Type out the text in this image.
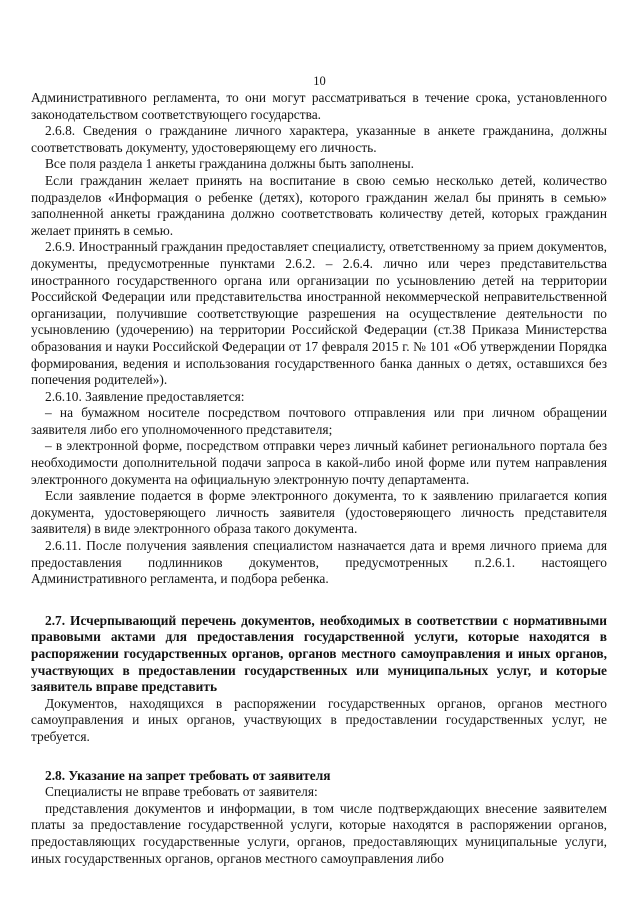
10

Административного регламента, то они могут рассматриваться в течение срока, установленного законодательством соответствующего государства.

2.6.8. Сведения о гражданине личного характера, указанные в анкете гражданина, должны соответствовать документу, удостоверяющему его личность.

Все поля раздела 1 анкеты гражданина должны быть заполнены.

Если гражданин желает принять на воспитание в свою семью несколько детей, количество подразделов «Информация о ребенке (детях), которого гражданин желал бы принять в семью» заполненной анкеты гражданина должно соответствовать количеству детей, которых гражданин желает принять в семью.

2.6.9. Иностранный гражданин предоставляет специалисту, ответственному за прием документов, документы, предусмотренные пунктами 2.6.2. – 2.6.4. лично или через представительства иностранного государственного органа или организации по усыновлению детей на территории Российской Федерации или представительства иностранной некоммерческой неправительственной организации, получившие соответствующие разрешения на осуществление деятельности по усыновлению (удочерению) на территории Российской Федерации (ст.38 Приказа Министерства образования и науки Российской Федерации от 17 февраля 2015 г. № 101 «Об утверждении Порядка формирования, ведения и использования государственного банка данных о детях, оставшихся без попечения родителей»).

2.6.10. Заявление предоставляется:

– на бумажном носителе посредством почтового отправления или при личном обращении заявителя либо его уполномоченного представителя;

– в электронной форме, посредством отправки через личный кабинет регионального портала без необходимости дополнительной подачи запроса в какой-либо иной форме или путем направления электронного документа на официальную электронную почту департамента.

Если заявление подается в форме электронного документа, то к заявлению прилагается копия документа, удостоверяющего личность заявителя (удостоверяющего личность представителя заявителя) в виде электронного образа такого документа.

2.6.11. После получения заявления специалистом назначается дата и время личного приема для предоставления подлинников документов, предусмотренных п.2.6.1. настоящего Административного регламента, и подбора ребенка.

2.7. Исчерпывающий перечень документов, необходимых в соответствии с нормативными правовыми актами для предоставления государственной услуги, которые находятся в распоряжении государственных органов, органов местного самоуправления и иных органов, участвующих в предоставлении государственных или муниципальных услуг, и которые заявитель вправе представить

Документов, находящихся в распоряжении государственных органов, органов местного самоуправления и иных органов, участвующих в предоставлении государственных услуг, не требуется.

2.8. Указание на запрет требовать от заявителя

Специалисты не вправе требовать от заявителя:

представления документов и информации, в том числе подтверждающих внесение заявителем платы за предоставление государственной услуги, которые находятся в распоряжении органов, предоставляющих государственные услуги, органов, предоставляющих муниципальные услуги, иных государственных органов, органов местного самоуправления либо
